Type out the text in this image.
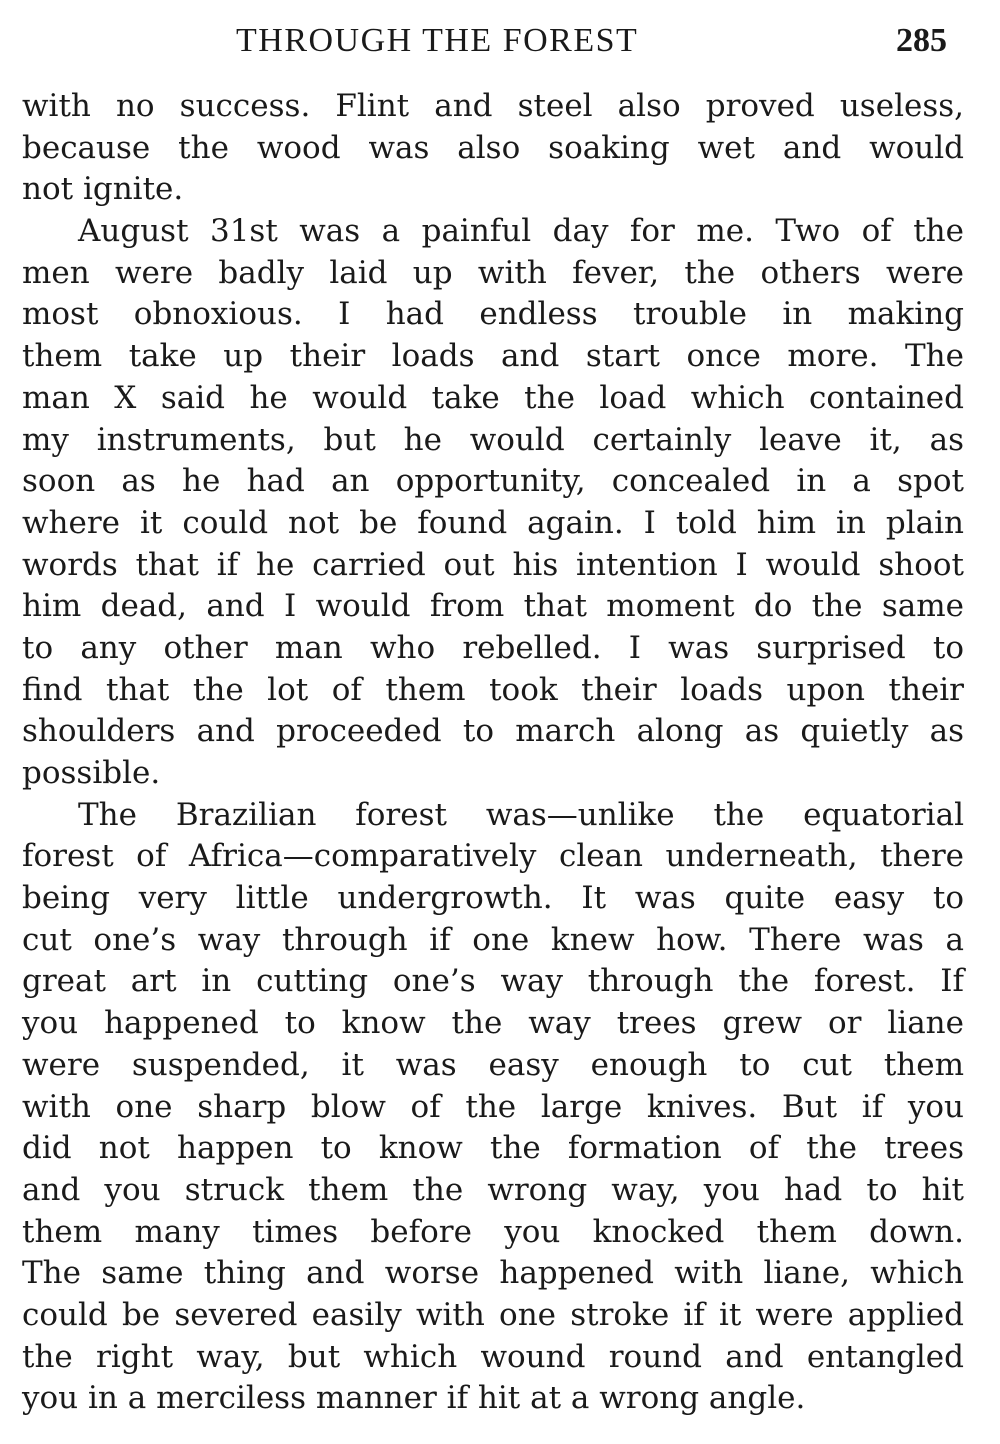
THROUGH THE FOREST	285
with no success. Flint and steel also proved useless,
because the wood was also soaking wet and would
not ignite.
August 31st was a painful day for me. Two of the
men were badly laid up with fever, the others were
most obnoxious. I had endless trouble in making
them take up their loads and start once more. The
man X said he would take the load which contained
my instruments, but he would certainly leave it, as
soon as he had an opportunity, concealed in a spot
where it could not be found again. I told him in plain
words that if he carried out his intention I would shoot
him dead, and I would from that moment do the same
to any other man who rebelled. I was surprised to
find that the lot of them took their loads upon their
shoulders and proceeded to march along as quietly as
possible.
The Brazilian forest was—unlike the equatorial
forest of Africa—comparatively clean underneath, there
being very little undergrowth. It was quite easy to
cut one’s way through if one knew how. There was a
great art in cutting one’s way through the forest. If
you happened to know the way trees grew or liane
were suspended, it was easy enough to cut them
with one sharp blow of the large knives. But if you
did not happen to know the formation of the trees
and you struck them the wrong way, you had to hit
them many times before you knocked them down.
The same thing and worse happened with liane, which
could be severed easily with one stroke if it were applied
the right way, but which wound round and entangled
you in a merciless manner if hit at a wrong angle.
